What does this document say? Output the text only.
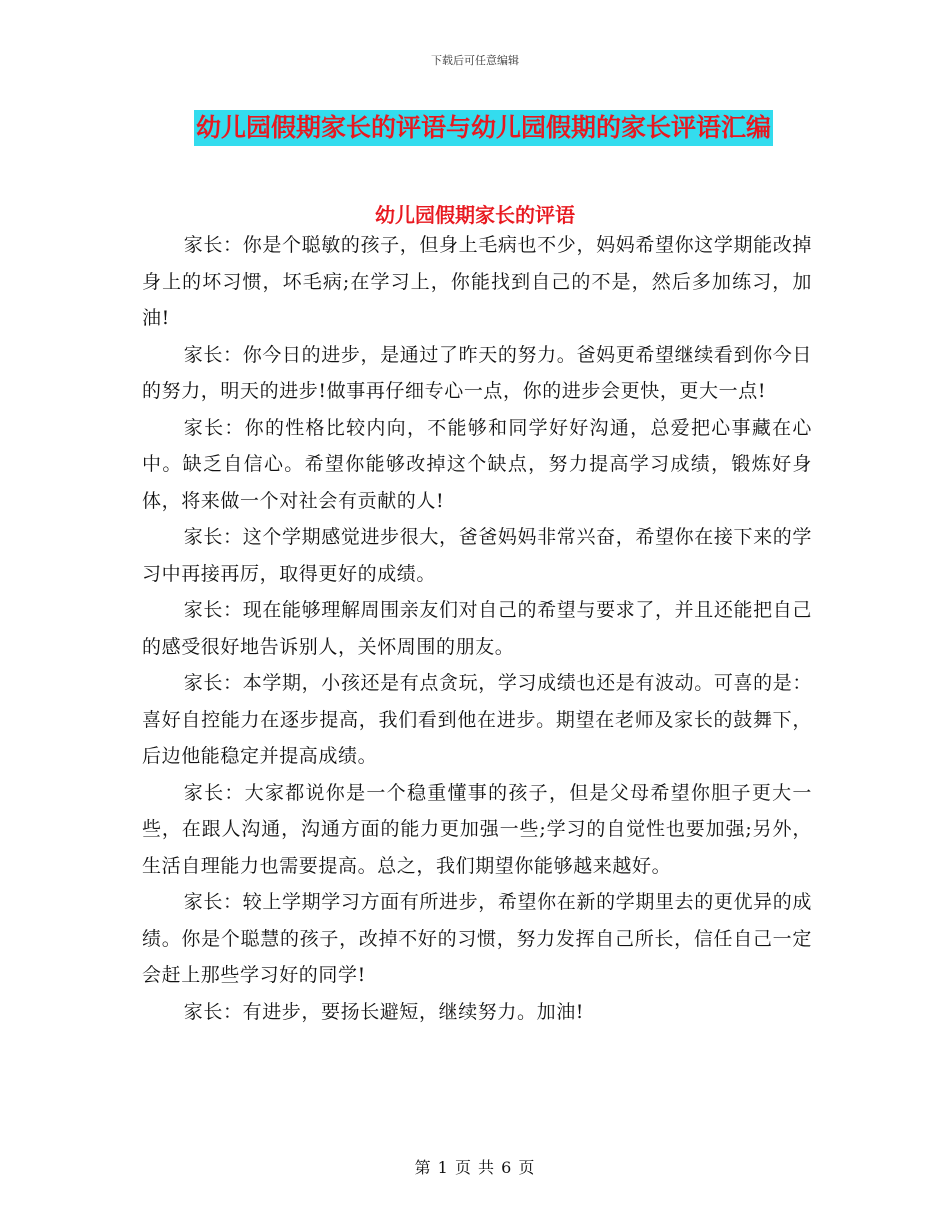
下载后可任意编辑
幼儿园假期家长的评语与幼儿园假期的家长评语汇编
幼儿园假期家长的评语

家长：你是个聪敏的孩子，但身上毛病也不少，妈妈希望你这学期能改掉身上的坏习惯，坏毛病;在学习上，你能找到自己的不是，然后多加练习，加油!

家长：你今日的进步，是通过了昨天的努力。爸妈更希望继续看到你今日的努力，明天的进步!做事再仔细专心一点，你的进步会更快，更大一点!

家长：你的性格比较内向，不能够和同学好好沟通，总爱把心事藏在心中。缺乏自信心。希望你能够改掉这个缺点，努力提高学习成绩，锻炼好身体，将来做一个对社会有贡献的人!

家长：这个学期感觉进步很大，爸爸妈妈非常兴奋，希望你在接下来的学习中再接再厉，取得更好的成绩。

家长：现在能够理解周围亲友们对自己的希望与要求了，并且还能把自己的感受很好地告诉别人，关怀周围的朋友。

家长：本学期，小孩还是有点贪玩，学习成绩也还是有波动。可喜的是：喜好自控能力在逐步提高，我们看到他在进步。期望在老师及家长的鼓舞下，后边他能稳定并提高成绩。

家长：大家都说你是一个稳重懂事的孩子，但是父母希望你胆子更大一些，在跟人沟通，沟通方面的能力更加强一些;学习的自觉性也要加强;另外，生活自理能力也需要提高。总之，我们期望你能够越来越好。

家长：较上学期学习方面有所进步，希望你在新的学期里去的更优异的成绩。你是个聪慧的孩子，改掉不好的习惯，努力发挥自己所长，信任自己一定会赶上那些学习好的同学!

家长：有进步，要扬长避短，继续努力。加油!

第 1 页 共 6 页
